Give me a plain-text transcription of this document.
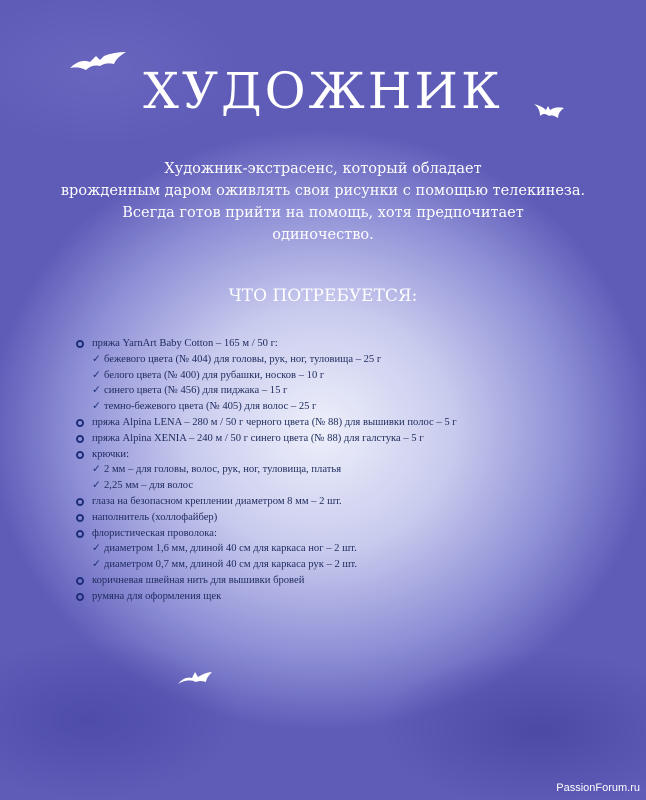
ХУДОЖНИК
Художник-экстрасенс, который обладает
врожденным даром оживлять свои рисунки с помощью телекинеза.
Всегда готов прийти на помощь, хотя предпочитает
одиночество.
ЧТО ПОТРЕБУЕТСЯ:
пряжа YarnArt Baby Cotton – 165 м / 50 г:
✓ бежевого цвета (№ 404) для головы, рук, ног, туловища – 25 г
✓ белого цвета (№ 400) для рубашки, носков – 10 г
✓ синего цвета (№ 456) для пиджака – 15 г
✓ темно-бежевого цвета (№ 405) для волос – 25 г
пряжа Alpina LENA – 280 м / 50 г черного цвета (№ 88) для вышивки полос – 5 г
пряжа Alpina XENIA – 240 м / 50 г синего цвета (№ 88) для галстука – 5 г
крючки:
✓ 2 мм – для головы, волос, рук, ног, туловища, платья
✓ 2,25 мм – для волос
глаза на безопасном креплении диаметром 8 мм – 2 шт.
наполнитель (холлофайбер)
флористическая проволока:
✓ диаметром 1,6 мм, длиной 40 см для каркаса ног – 2 шт.
✓ диаметром 0,7 мм, длиной 40 см для каркаса рук – 2 шт.
коричневая швейная нить для вышивки бровей
румяна для оформления щек
PassionForum.ru
